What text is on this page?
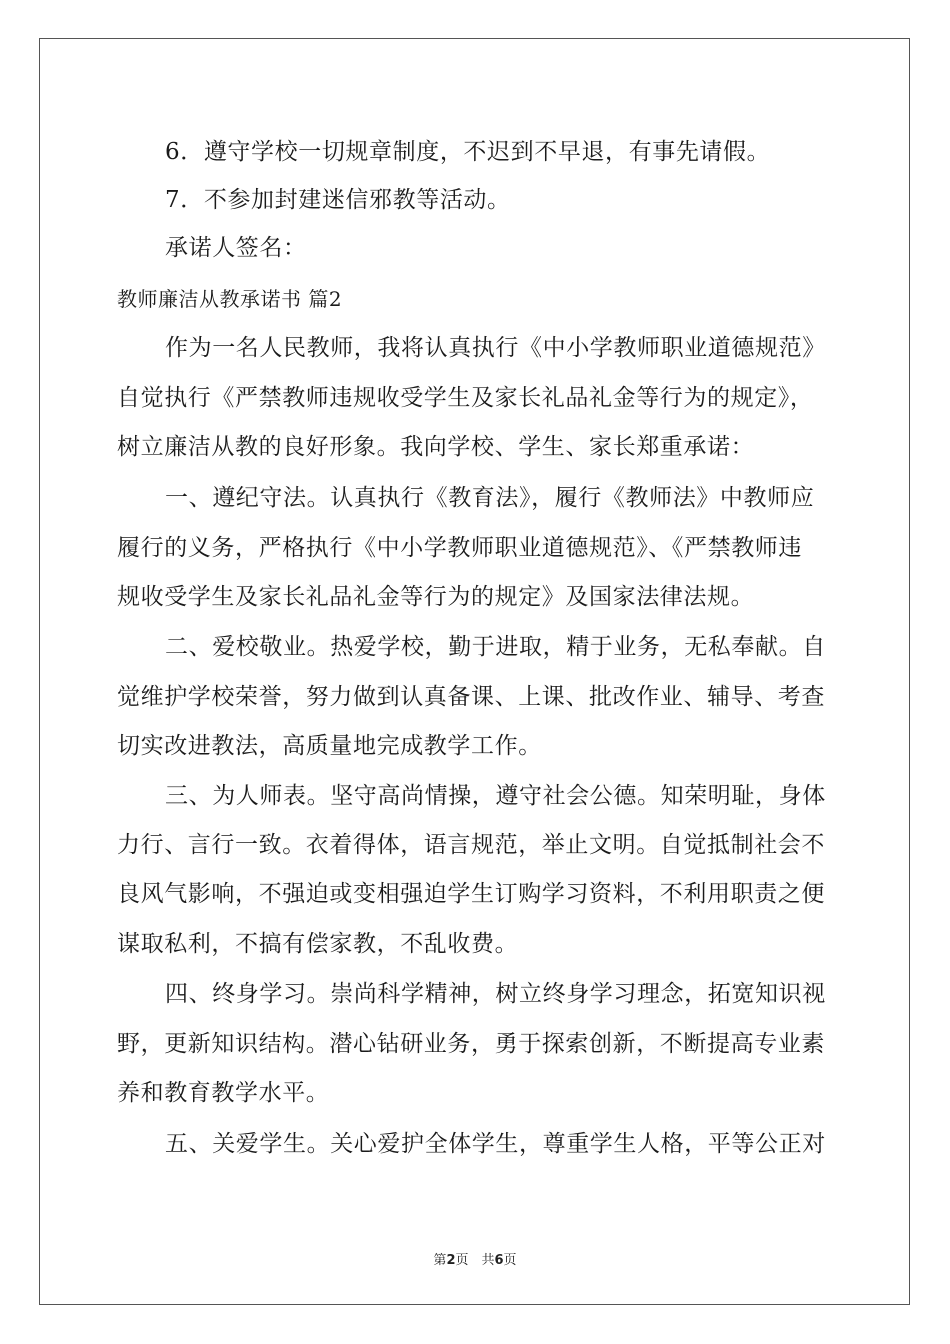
6．遵守学校一切规章制度，不迟到不早退，有事先请假。
7．不参加封建迷信邪教等活动。
承诺人签名：
教师廉洁从教承诺书 篇2
作为一名人民教师，我将认真执行《中小学教师职业道德规范》
自觉执行《严禁教师违规收受学生及家长礼品礼金等行为的规定》，
树立廉洁从教的良好形象。我向学校、学生、家长郑重承诺：
一、遵纪守法。认真执行《教育法》，履行《教师法》中教师应
履行的义务，严格执行《中小学教师职业道德规范》、《严禁教师违
规收受学生及家长礼品礼金等行为的规定》及国家法律法规。
二、爱校敬业。热爱学校，勤于进取，精于业务，无私奉献。自
觉维护学校荣誉，努力做到认真备课、上课、批改作业、辅导、考查
切实改进教法，高质量地完成教学工作。
三、为人师表。坚守高尚情操，遵守社会公德。知荣明耻，身体
力行、言行一致。衣着得体，语言规范，举止文明。自觉抵制社会不
良风气影响，不强迫或变相强迫学生订购学习资料，不利用职责之便
谋取私利，不搞有偿家教，不乱收费。
四、终身学习。崇尚科学精神，树立终身学习理念，拓宽知识视
野，更新知识结构。潜心钻研业务，勇于探索创新，不断提高专业素
养和教育教学水平。
五、关爱学生。关心爱护全体学生，尊重学生人格，平等公正对
第2页　共6页
